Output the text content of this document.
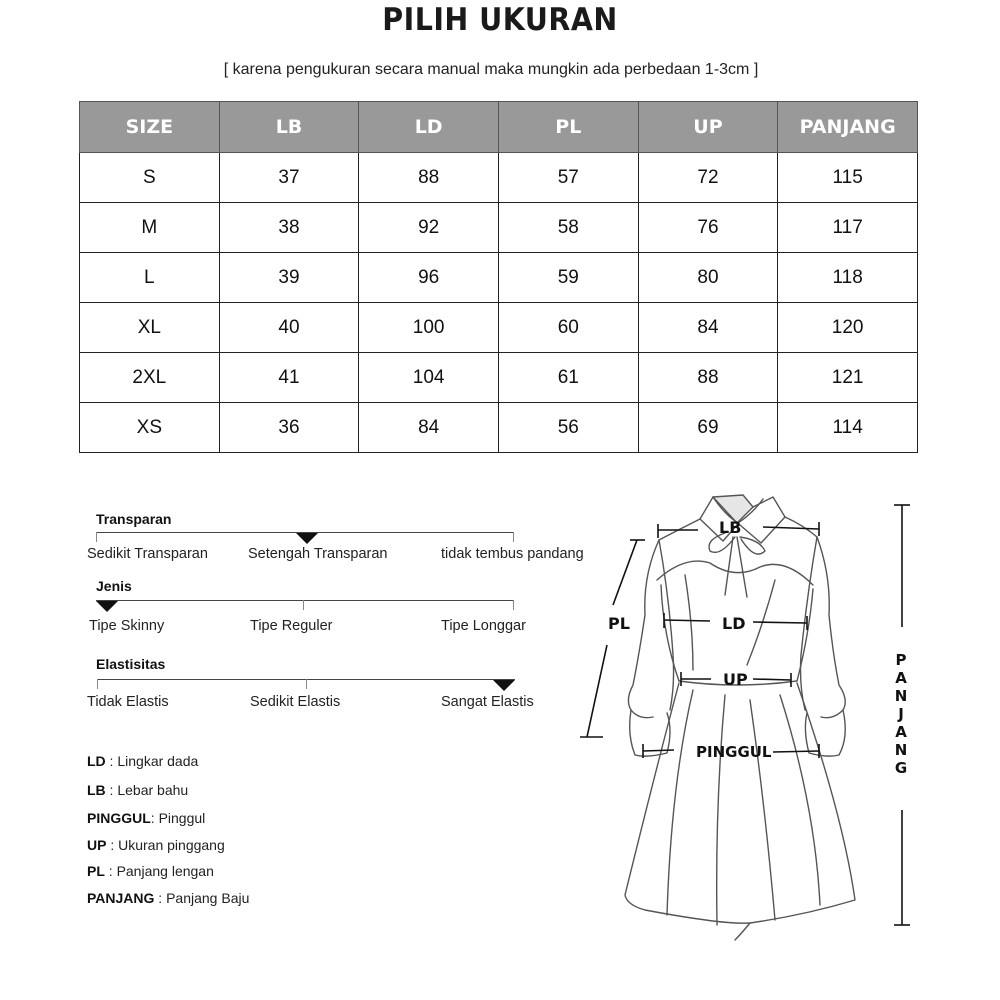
PILIH UKURAN
[ karena pengukuran secara manual maka mungkin ada perbedaan 1-3cm ]
SIZE	LB	LD	PL	UP	PANJANG
S	37	88	57	72	115
M	38	92	58	76	117
L	39	96	59	80	118
XL	40	100	60	84	120
2XL	41	104	61	88	121
XS	36	84	56	69	114
Transparan
Sedikit Transparan	Setengah Transparan	tidak tembus pandang
Jenis
Tipe Skinny	Tipe Reguler	Tipe Longgar
Elastisitas
Tidak Elastis	Sedikit Elastis	Sangat Elastis
LD : Lingkar dada
LB : Lebar bahu
PINGGUL: Pinggul
UP : Ukuran pinggang
PL : Panjang lengan
PANJANG : Panjang Baju
LB
LD
PL
UP
PINGGUL
P
A
N
J
A
N
G
